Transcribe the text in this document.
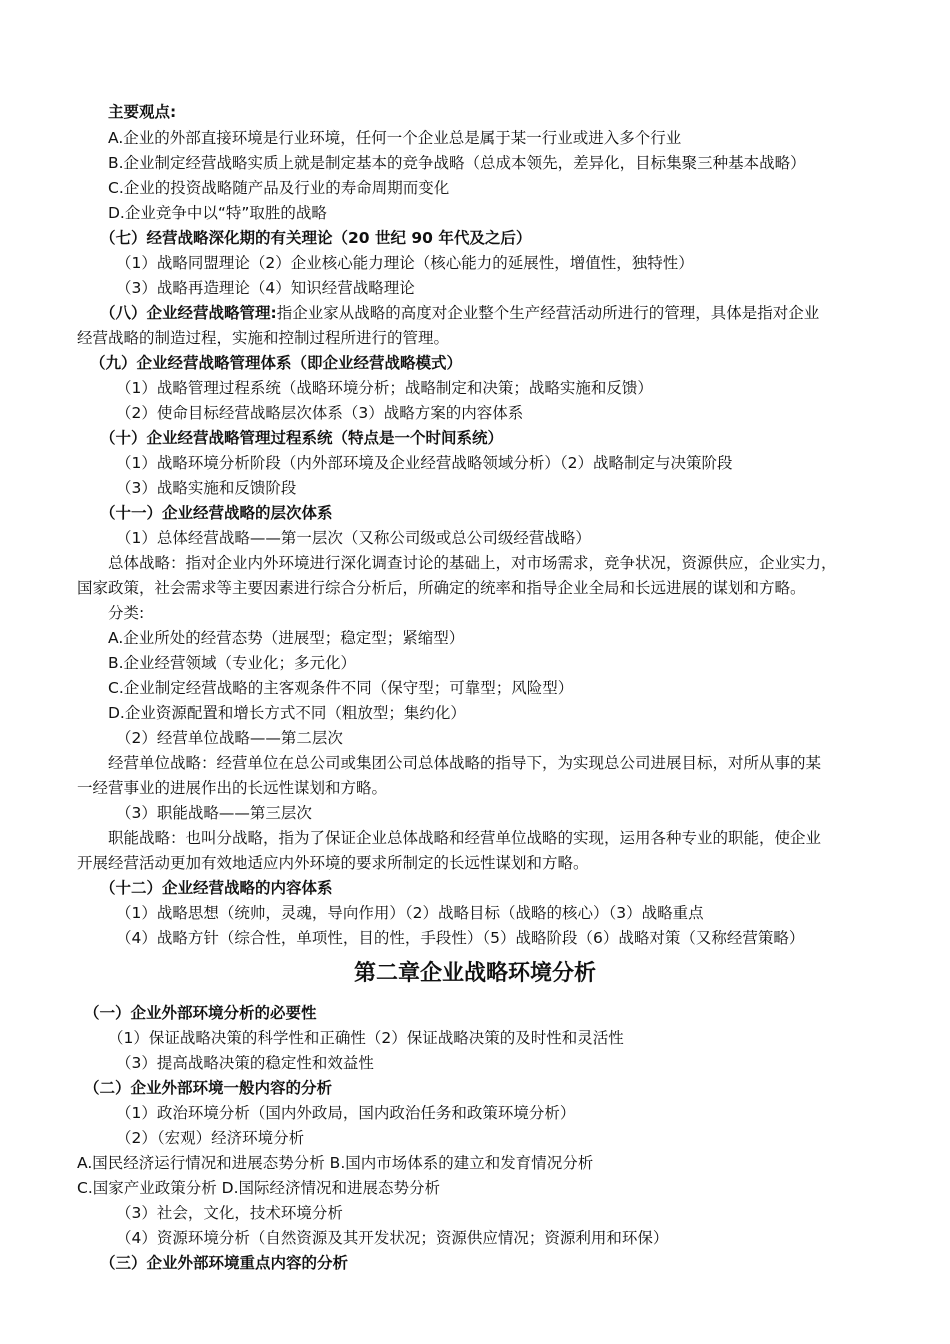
主要观点:
A.企业的外部直接环境是行业环境，任何一个企业总是属于某一行业或进入多个行业
B.企业制定经营战略实质上就是制定基本的竞争战略（总成本领先，差异化，目标集聚三种基本战略）
C.企业的投资战略随产品及行业的寿命周期而变化
D.企业竞争中以“特”取胜的战略
（七）经营战略深化期的有关理论（20 世纪 90 年代及之后）
（1）战略同盟理论（2）企业核心能力理论（核心能力的延展性，增值性，独特性）
（3）战略再造理论（4）知识经营战略理论
（八）企业经营战略管理:指企业家从战略的高度对企业整个生产经营活动所进行的管理，具体是指对企业
经营战略的制造过程，实施和控制过程所进行的管理。
（九）企业经营战略管理体系（即企业经营战略模式）
（1）战略管理过程系统（战略环境分析；战略制定和决策；战略实施和反馈）
（2）使命目标经营战略层次体系（3）战略方案的内容体系
（十）企业经营战略管理过程系统（特点是一个时间系统）
（1）战略环境分析阶段（内外部环境及企业经营战略领域分析）（2）战略制定与决策阶段
（3）战略实施和反馈阶段
（十一）企业经营战略的层次体系
（1）总体经营战略——第一层次（又称公司级或总公司级经营战略）
总体战略：指对企业内外环境进行深化调查讨论的基础上，对市场需求，竞争状况，资源供应，企业实力，
国家政策，社会需求等主要因素进行综合分析后，所确定的统率和指导企业全局和长远进展的谋划和方略。
分类:
A.企业所处的经营态势（进展型；稳定型；紧缩型）
B.企业经营领域（专业化；多元化）
C.企业制定经营战略的主客观条件不同（保守型；可靠型；风险型）
D.企业资源配置和增长方式不同（粗放型；集约化）
（2）经营单位战略——第二层次
经营单位战略：经营单位在总公司或集团公司总体战略的指导下，为实现总公司进展目标，对所从事的某
一经营事业的进展作出的长远性谋划和方略。
（3）职能战略——第三层次
职能战略：也叫分战略，指为了保证企业总体战略和经营单位战略的实现，运用各种专业的职能，使企业
开展经营活动更加有效地适应内外环境的要求所制定的长远性谋划和方略。
（十二）企业经营战略的内容体系
（1）战略思想（统帅，灵魂，导向作用）（2）战略目标（战略的核心）（3）战略重点
（4）战略方针（综合性，单项性，目的性，手段性）（5）战略阶段（6）战略对策（又称经营策略）
第二章企业战略环境分析
（一）企业外部环境分析的必要性
（1）保证战略决策的科学性和正确性（2）保证战略决策的及时性和灵活性
（3）提高战略决策的稳定性和效益性
（二）企业外部环境一般内容的分析
（1）政治环境分析（国内外政局，国内政治任务和政策环境分析）
（2）（宏观）经济环境分析
A.国民经济运行情况和进展态势分析 B.国内市场体系的建立和发育情况分析
C.国家产业政策分析 D.国际经济情况和进展态势分析
（3）社会，文化，技术环境分析
（4）资源环境分析（自然资源及其开发状况；资源供应情况；资源利用和环保）
（三）企业外部环境重点内容的分析
